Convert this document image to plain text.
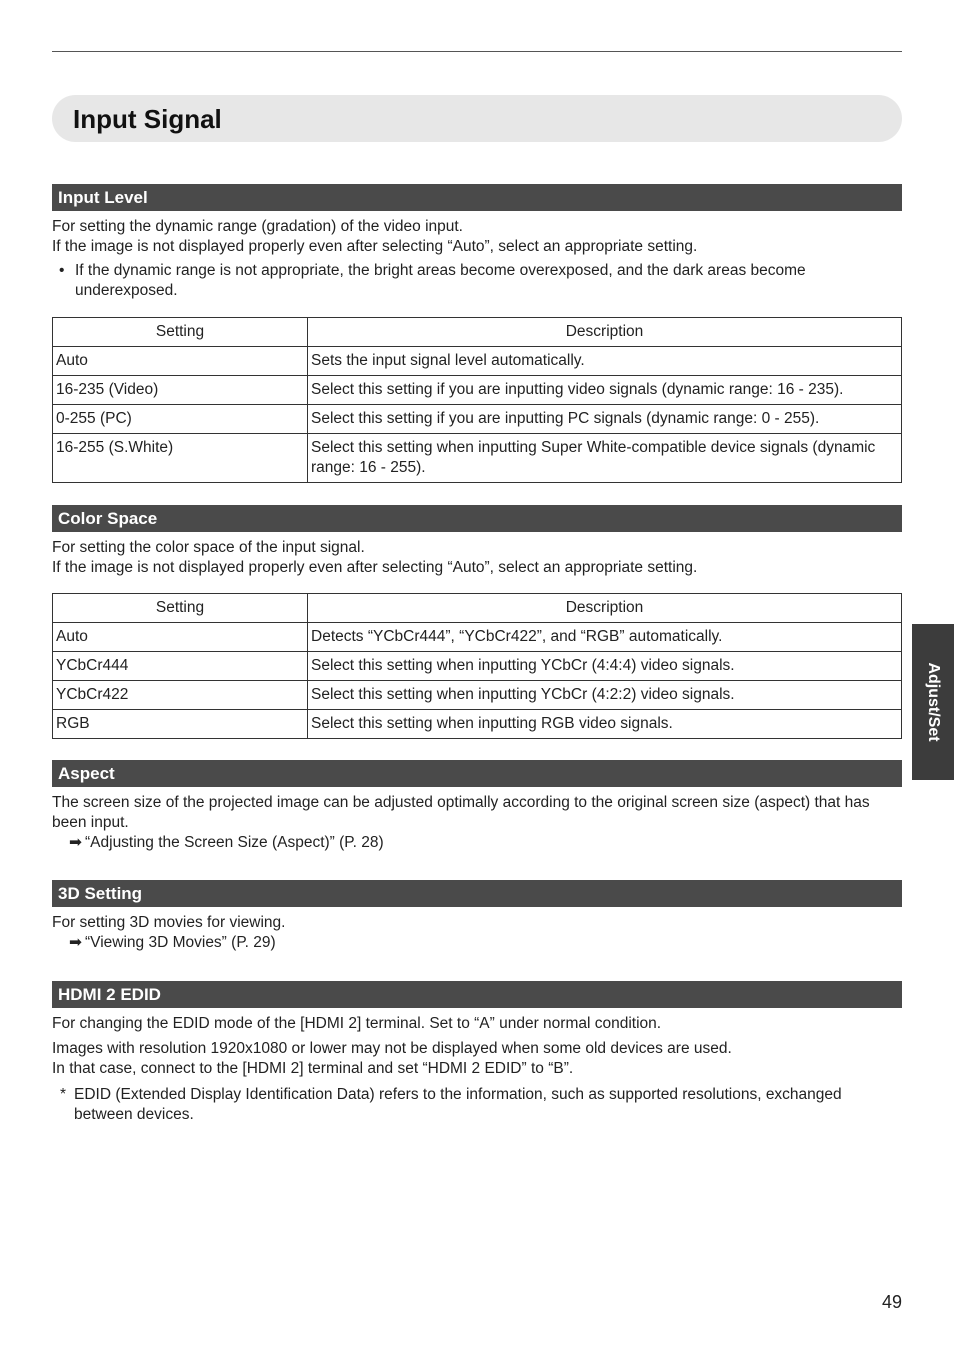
Input Signal
Input Level

For setting the dynamic range (gradation) of the video input.

If the image is not displayed properly even after selecting “Auto”, select an appropriate setting.

• If the dynamic range is not appropriate, the bright areas become overexposed, and the dark areas become underexposed.
Setting	Description
Auto	Sets the input signal level automatically.
16-235 (Video)	Select this setting if you are inputting video signals (dynamic range: 16 - 235).
0-255 (PC)	Select this setting if you are inputting PC signals (dynamic range: 0 - 255).
16-255 (S.White)	Select this setting when inputting Super White-compatible device signals (dynamic range: 16 - 255).
Color Space

For setting the color space of the input signal.

If the image is not displayed properly even after selecting “Auto”, select an appropriate setting.

Setting	Description
Auto	Detects “YCbCr444”, “YCbCr422”, and “RGB” automatically.
YCbCr444	Select this setting when inputting YCbCr (4:4:4) video signals.
YCbCr422	Select this setting when inputting YCbCr (4:2:2) video signals.
RGB	Select this setting when inputting RGB video signals.
Aspect

The screen size of the projected image can be adjusted optimally according to the original screen size (aspect) that has been input.

➡ “Adjusting the Screen Size (Aspect)” (P. 28)
3D Setting

For setting 3D movies for viewing.

➡ “Viewing 3D Movies” (P. 29)
HDMI 2 EDID

For changing the EDID mode of the [HDMI 2] terminal. Set to “A” under normal condition.

Images with resolution 1920x1080 or lower may not be displayed when some old devices are used.

In that case, connect to the [HDMI 2] terminal and set “HDMI 2 EDID” to “B”.

* EDID (Extended Display Identification Data) refers to the information, such as supported resolutions, exchanged between devices.
Adjust/Set
49
